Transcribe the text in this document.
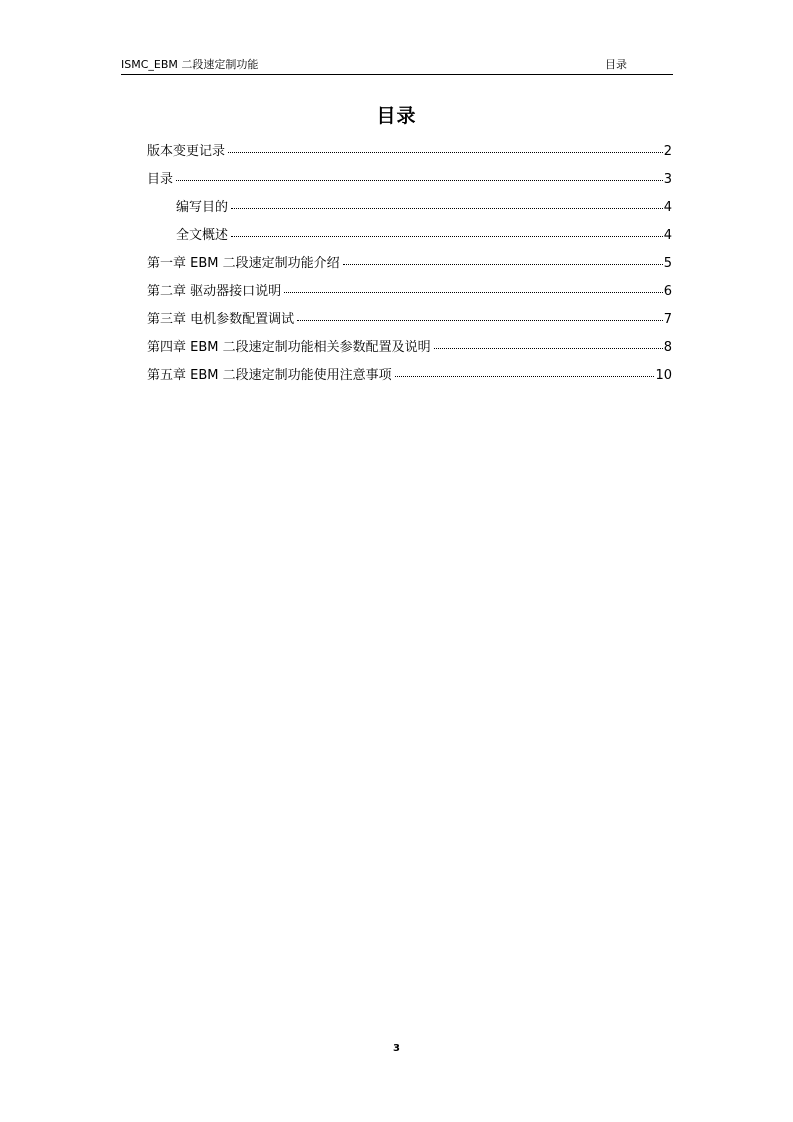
ISMC_EBM 二段速定制功能	目录
目录
版本变更记录	2
目录	3
编写目的	4
全文概述	4
第一章 EBM 二段速定制功能介绍	5
第二章 驱动器接口说明	6
第三章 电机参数配置调试	7
第四章 EBM 二段速定制功能相关参数配置及说明	8
第五章 EBM 二段速定制功能使用注意事项	10
3
